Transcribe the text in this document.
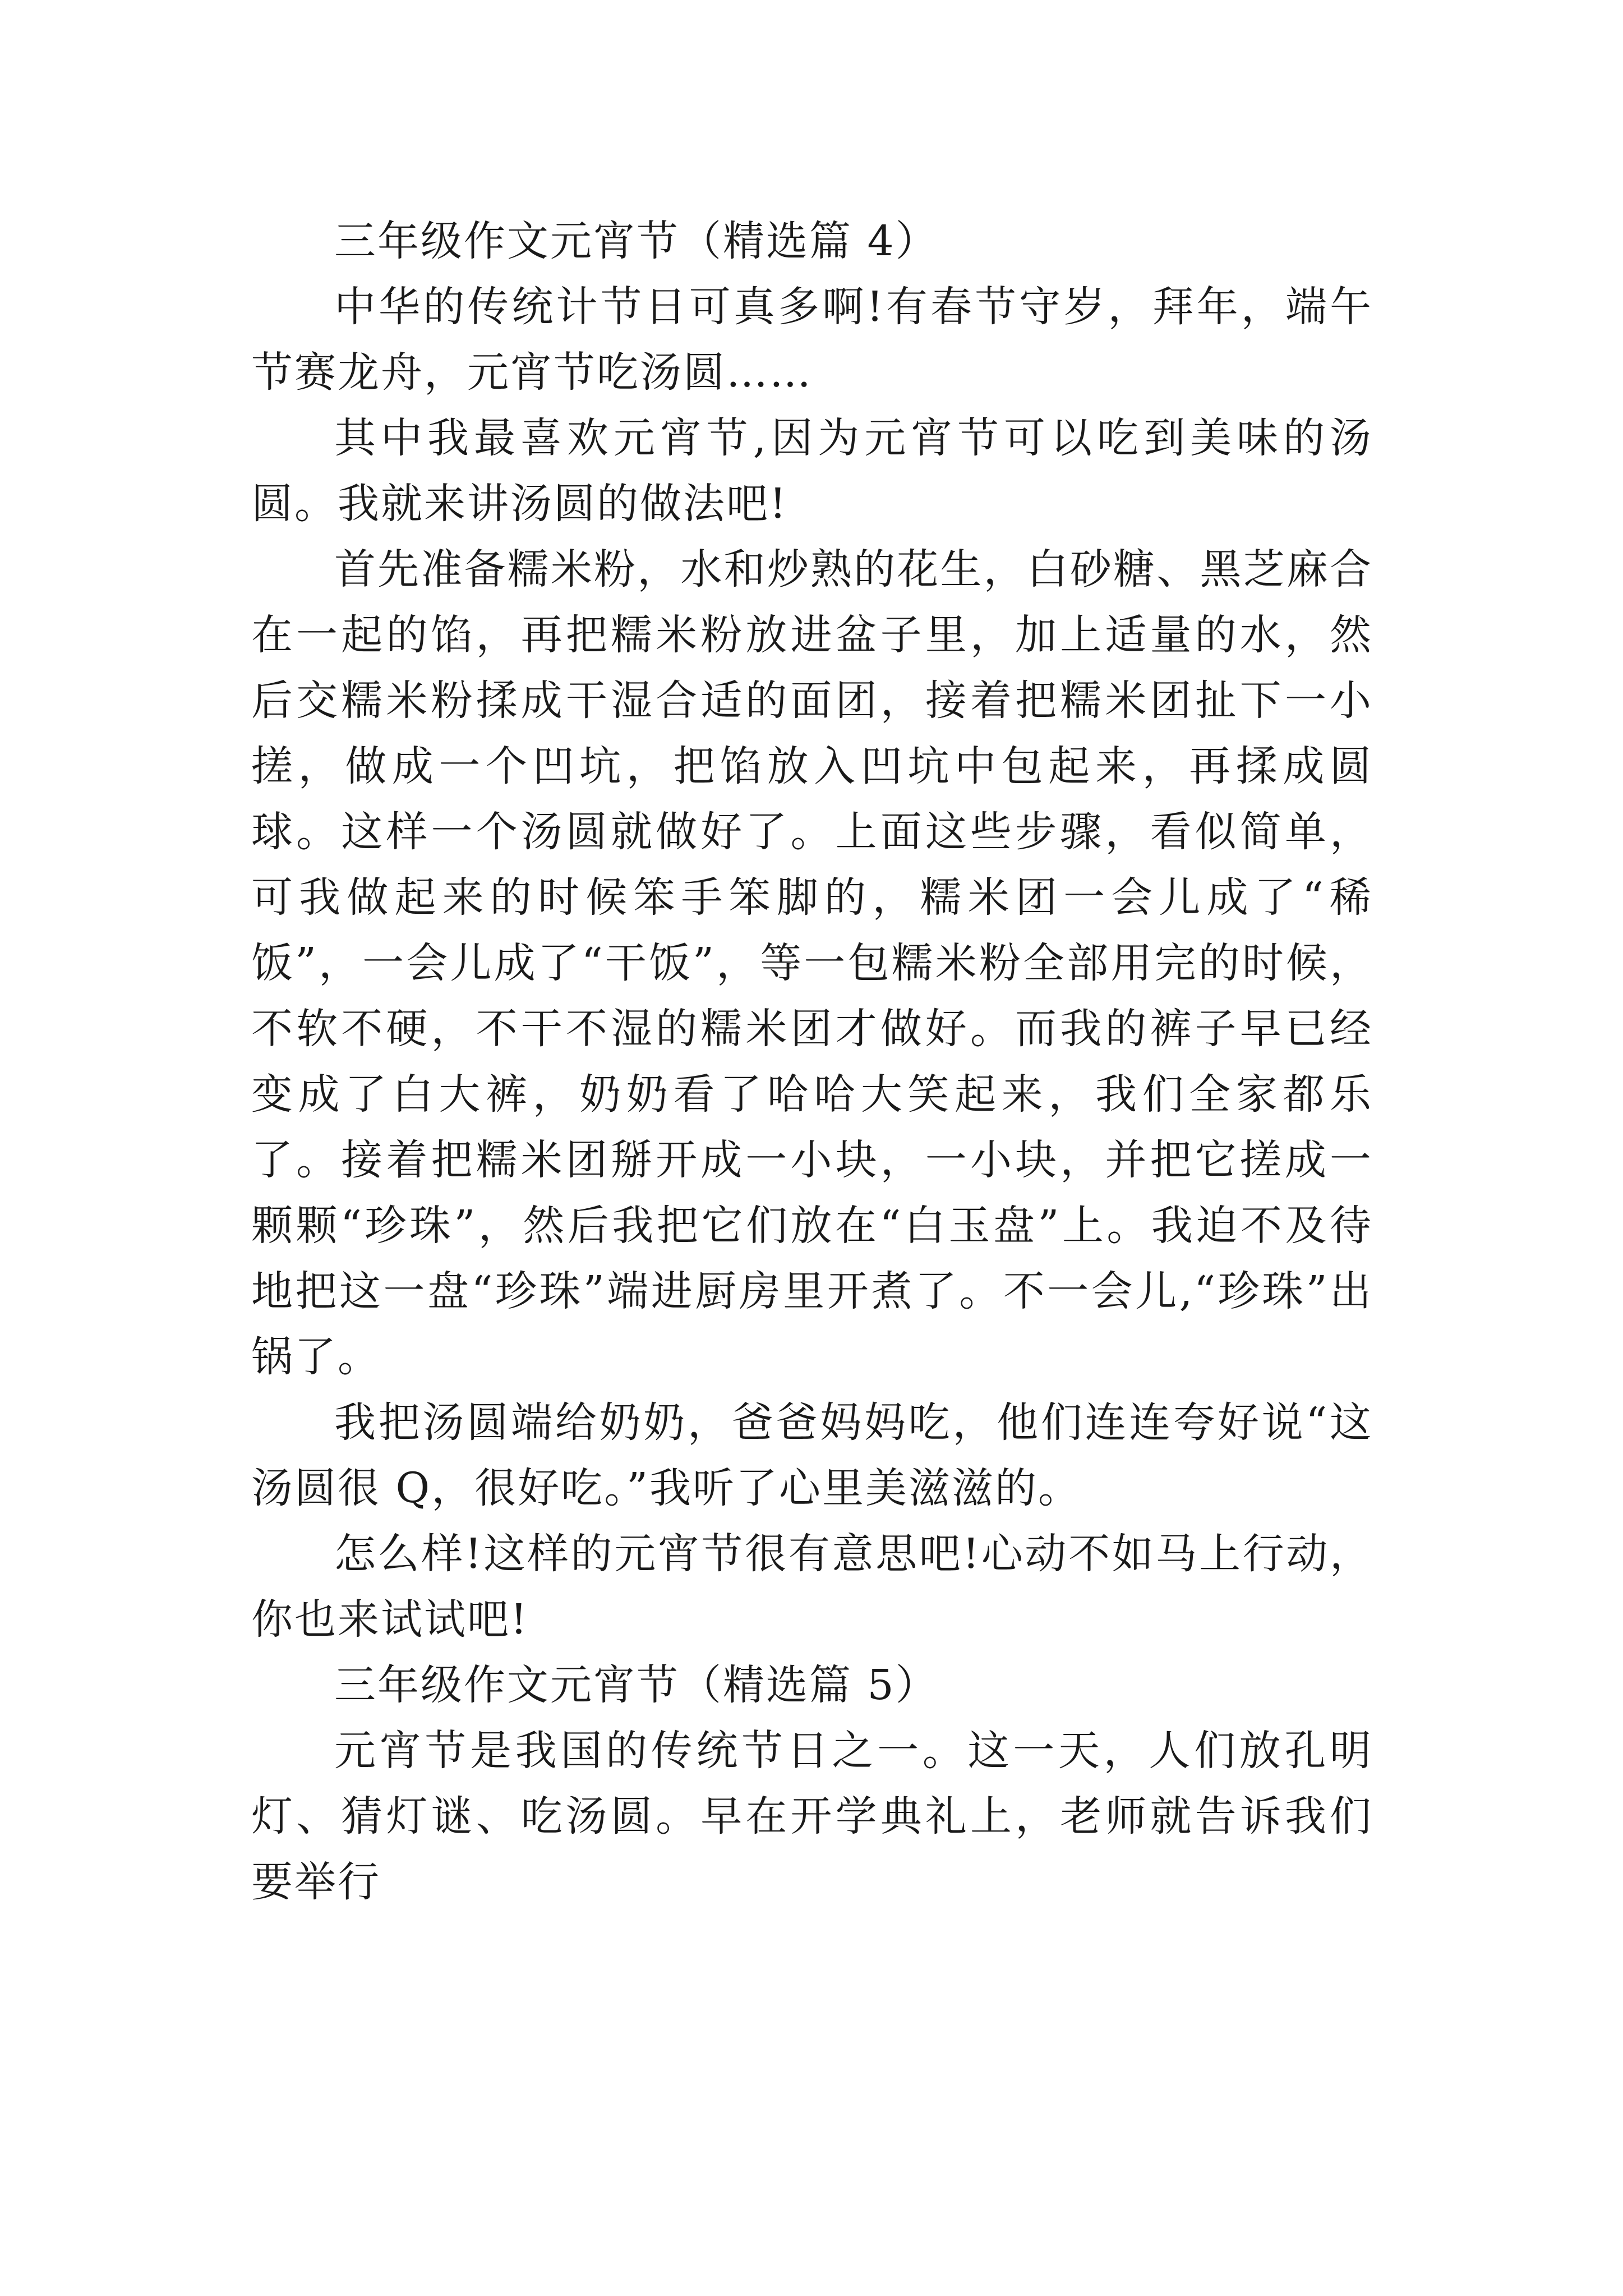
三年级作文元宵节（精选篇 4）

中华的传统计节日可真多啊!有春节守岁，拜年，端午节赛龙舟，元宵节吃汤圆……

其中我最喜欢元宵节,因为元宵节可以吃到美味的汤圆。我就来讲汤圆的做法吧!

首先准备糯米粉，水和炒熟的花生，白砂糖、黑芝麻合在一起的馅，再把糯米粉放进盆子里，加上适量的水，然后交糯米粉揉成干湿合适的面团，接着把糯米团扯下一小搓，做成一个凹坑，把馅放入凹坑中包起来，再揉成圆球。这样一个汤圆就做好了。上面这些步骤，看似简单，可我做起来的时候笨手笨脚的，糯米团一会儿成了“稀饭”，一会儿成了“干饭”，等一包糯米粉全部用完的时候，不软不硬，不干不湿的糯米团才做好。而我的裤子早已经变成了白大裤，奶奶看了哈哈大笑起来，我们全家都乐了。接着把糯米团掰开成一小块，一小块，并把它搓成一颗颗“珍珠”，然后我把它们放在“白玉盘”上。我迫不及待地把这一盘“珍珠”端进厨房里开煮了。不一会儿,“珍珠”出锅了。

我把汤圆端给奶奶，爸爸妈妈吃，他们连连夸好说“这汤圆很 Q，很好吃。”我听了心里美滋滋的。

怎么样!这样的元宵节很有意思吧!心动不如马上行动，你也来试试吧!

三年级作文元宵节（精选篇 5）

元宵节是我国的传统节日之一。这一天，人们放孔明灯、猜灯谜、吃汤圆。早在开学典礼上，老师就告诉我们要举行
